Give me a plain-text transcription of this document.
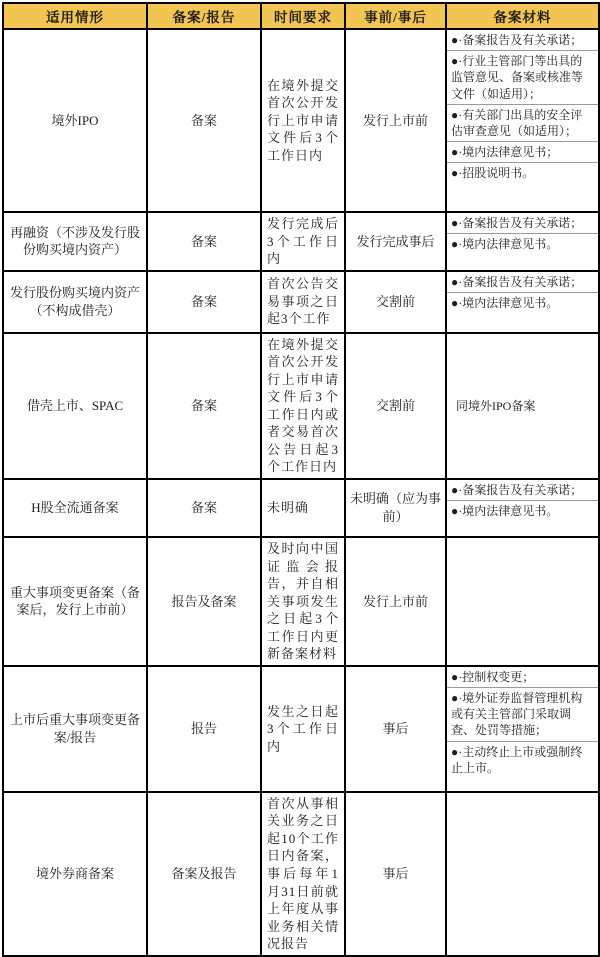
适用情形	备案/报告	时间要求	事前/事后	备案材料
境外IPO	备案	在境外提交首次公开发行上市申请文件后3个工作日内	发行上市前	●·备案报告及有关承诺；
●·行业主管部门等出具的监管意见、备案或核准等文件（如适用）；
●·有关部门出具的安全评估审查意见（如适用）；
●·境内法律意见书；
●·招股说明书。

再融资（不涉及发行股份购买境内资产）	备案	发行完成后3个工作日内	发行完成事后	●·备案报告及有关承诺；
●·境内法律意见书。

发行股份购买境内资产（不构成借壳）	备案	首次公告交易事项之日起3个工作	交割前	●·备案报告及有关承诺；
●·境内法律意见书。

借壳上市、SPAC	备案	在境外提交首次公开发行上市申请文件后3个工作日内或者交易首次公告日起3个工作日内	交割前	同境外IPO备案

H股全流通备案	备案	未明确	未明确（应为事前）	●·备案报告及有关承诺；
●·境内法律意见书。

重大事项变更备案（备案后，发行上市前）	报告及备案	及时向中国证监会报告，并自相关事项发生之日起3个工作日内更新备案材料	发行上市前	
上市后重大事项变更备案/报告	报告	发生之日起3个工作日内	事后	●·控制权变更；
●·境外证券监督管理机构或有关主管部门采取调查、处罚等措施；
●·主动终止上市或强制终止上市。

境外券商备案	备案及报告	首次从事相关业务之日起10个工作日内备案，事后每年1月31日前就上年度从事业务相关情况报告	事后	
